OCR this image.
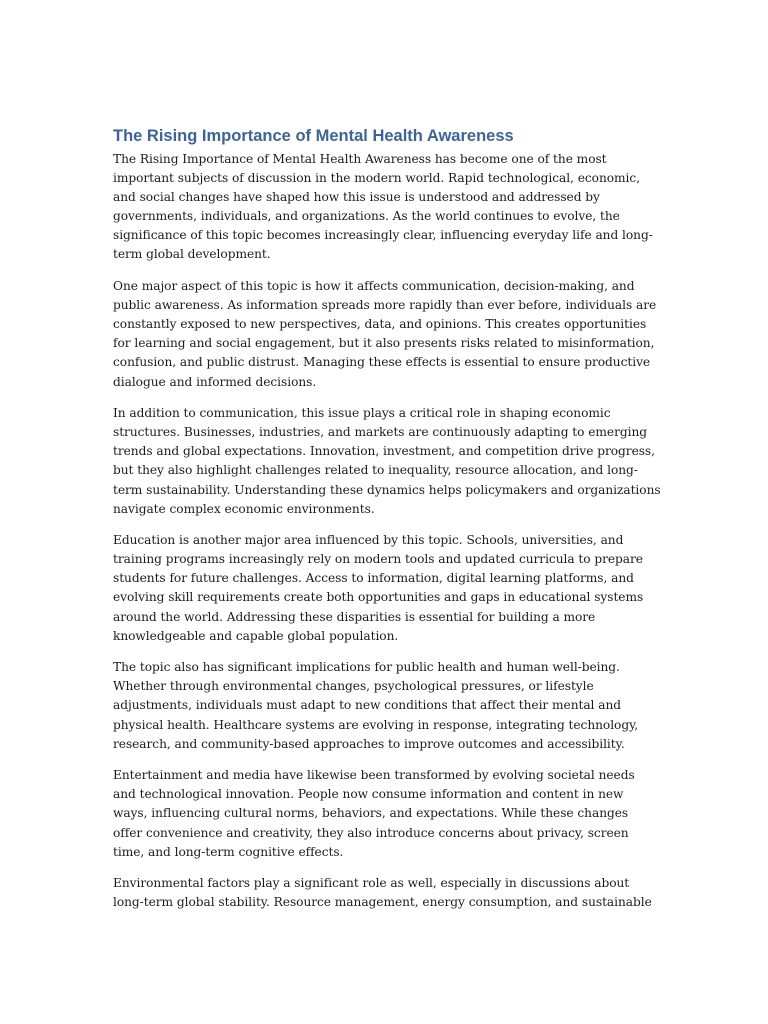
The Rising Importance of Mental Health Awareness

The Rising Importance of Mental Health Awareness has become one of the most important subjects of discussion in the modern world. Rapid technological, economic, and social changes have shaped how this issue is understood and addressed by governments, individuals, and organizations. As the world continues to evolve, the significance of this topic becomes increasingly clear, influencing everyday life and long-term global development.

One major aspect of this topic is how it affects communication, decision-making, and public awareness. As information spreads more rapidly than ever before, individuals are constantly exposed to new perspectives, data, and opinions. This creates opportunities for learning and social engagement, but it also presents risks related to misinformation, confusion, and public distrust. Managing these effects is essential to ensure productive dialogue and informed decisions.

In addition to communication, this issue plays a critical role in shaping economic structures. Businesses, industries, and markets are continuously adapting to emerging trends and global expectations. Innovation, investment, and competition drive progress, but they also highlight challenges related to inequality, resource allocation, and long-term sustainability. Understanding these dynamics helps policymakers and organizations navigate complex economic environments.

Education is another major area influenced by this topic. Schools, universities, and training programs increasingly rely on modern tools and updated curricula to prepare students for future challenges. Access to information, digital learning platforms, and evolving skill requirements create both opportunities and gaps in educational systems around the world. Addressing these disparities is essential for building a more knowledgeable and capable global population.

The topic also has significant implications for public health and human well-being. Whether through environmental changes, psychological pressures, or lifestyle adjustments, individuals must adapt to new conditions that affect their mental and physical health. Healthcare systems are evolving in response, integrating technology, research, and community-based approaches to improve outcomes and accessibility.

Entertainment and media have likewise been transformed by evolving societal needs and technological innovation. People now consume information and content in new ways, influencing cultural norms, behaviors, and expectations. While these changes offer convenience and creativity, they also introduce concerns about privacy, screen time, and long-term cognitive effects.

Environmental factors play a significant role as well, especially in discussions about long-term global stability. Resource management, energy consumption, and sustainable
